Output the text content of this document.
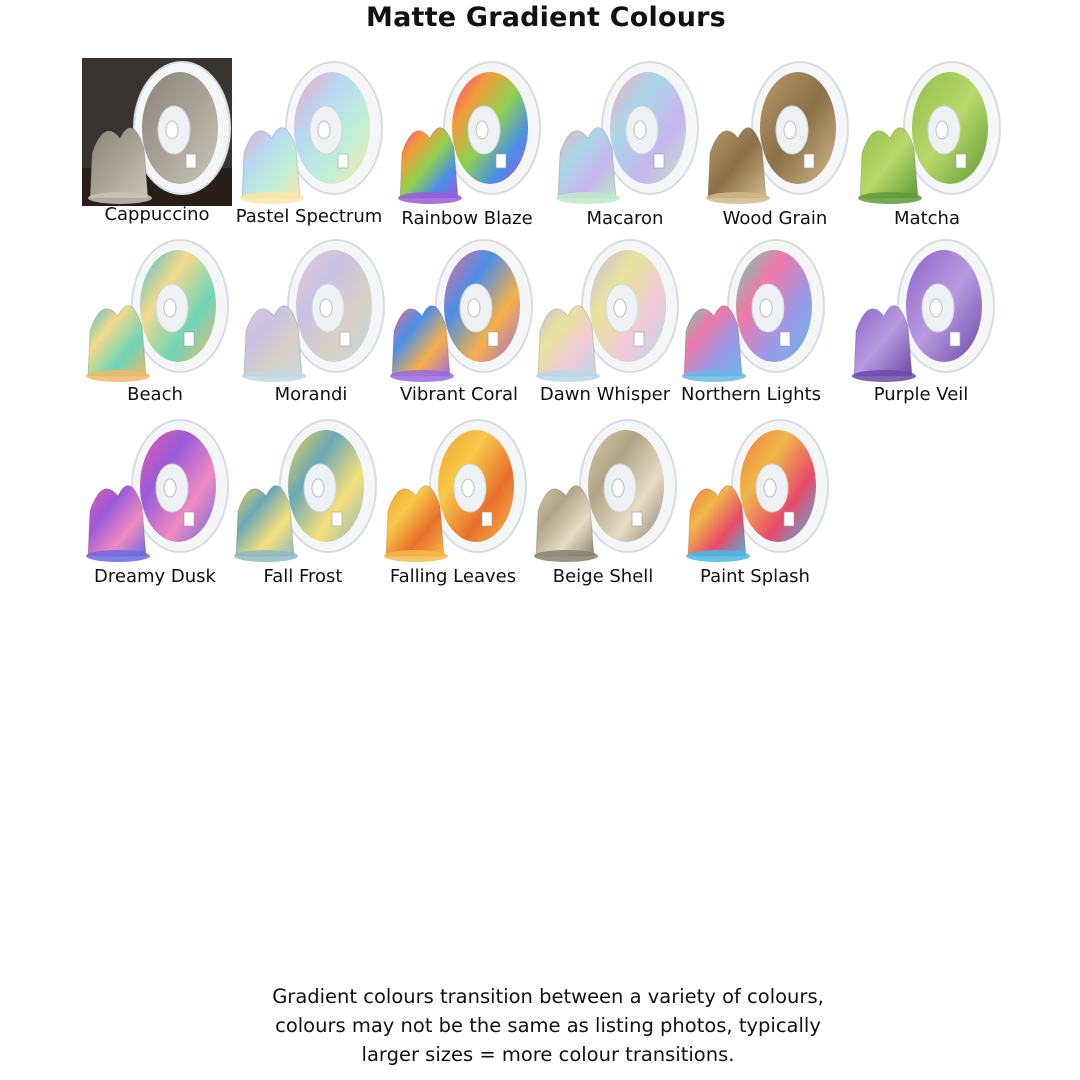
Matte Gradient Colours
Cappuccino	Pastel Spectrum	Rainbow Blaze	Macaron	Wood Grain	Matcha
Beach	Morandi	Vibrant Coral	Dawn Whisper Northern Lights	Purple Veil
Dreamy Dusk	Fall Frost	Falling Leaves	Beige Shell	Paint Splash
Gradient colours transition between a variety of colours,
colours may not be the same as listing photos, typically
larger sizes = more colour transitions.
